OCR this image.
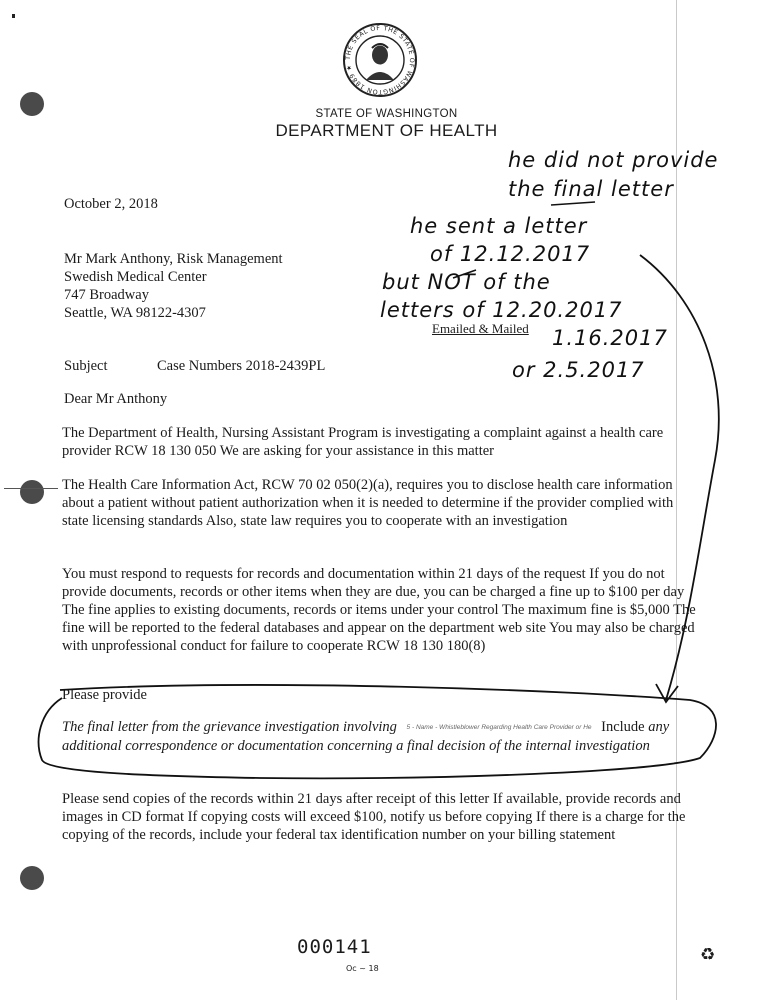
THE SEAL OF THE STATE OF WASHINGTON 1889 ★
STATE OF WASHINGTON
DEPARTMENT OF HEALTH
October 2, 2018
Mr Mark Anthony, Risk Management
Swedish Medical Center
747 Broadway
Seattle, WA 98122-4307
Emailed & Mailed
Subject	Case Numbers 2018-2439PL
Dear Mr Anthony
The Department of Health, Nursing Assistant Program is investigating a complaint against a health care provider RCW 18 130 050 We are asking for your assistance in this matter
The Health Care Information Act, RCW 70 02 050(2)(a), requires you to disclose health care information about a patient without patient authorization when it is needed to determine if the provider complied with state licensing standards Also, state law requires you to cooperate with an investigation
You must respond to requests for records and documentation within 21 days of the request If you do not provide documents, records or other items when they are due, you can be charged a fine up to $100 per day The fine applies to existing documents, records or items under your control The maximum fine is $5,000 The fine will be reported to the federal databases and appear on the department web site You may also be charged with unprofessional conduct for failure to cooperate RCW 18 130 180(8)
Please provide
The final letter from the grievance investigation involving 5 - Name - Whistleblower Regarding Health Care Provider or He Include any additional correspondence or documentation concerning a final decision of the internal investigation
Please send copies of the records within 21 days after receipt of this letter If available, provide records and images in CD format If copying costs will exceed $100, notify us before copying If there is a charge for the copying of the records, include your federal tax identification number on your billing statement
he did not provide
the final letter
he sent a letter
of 12.12.2017
but NOT of the
letters of 12.20.2017
1.16.2017
or 2.5.2017
000141
Oc ~ 18
♻
